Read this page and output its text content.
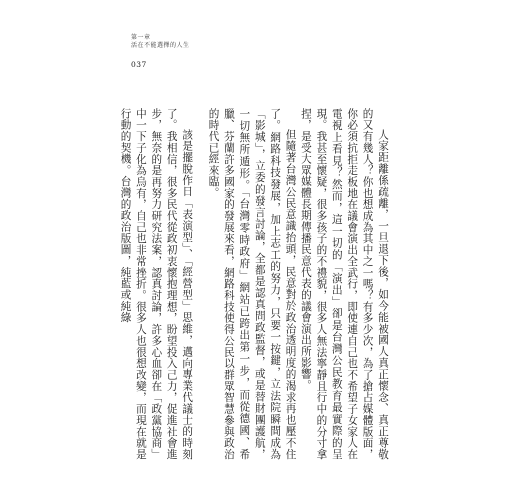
第一章
活在不能選擇的人生
037

人家距離係疏離，一旦退下後，如今能被國人真正懷念、真正尊敬的又有幾人？你也想成為其中之一嗎？有多少次，為了搶占媒體版面，你必須抗拒走板地在議會演出全武行，即使連自己也不希望子女家人在電視上看見？然而，這一切的「演出」卻是台灣公民教育最實際的呈現。我甚至懷疑，很多孩子的不禮貌，很多人無法寧靜且行中的分寸拿捏，是受大眾媒體長期傳播民意代表的議會演出所影響。

但隨著台灣公民意識抬頭，民意對於政治透明度的渴求再也壓不住了。網路科技發展，加上志工的努力，只要一按鍵，立法院瞬間成為「影城」，立委的發言討論，全都是認真問政監督，或是替財團護航，一切無所遁形。「台灣零時政府」網站已跨出第一步，而從德國、希臘、芬蘭許多國家的發展來看，網路科技使得公民以群眾智慧參與政治的時代已經來臨。

該是擺脫作日「表演型」、「經營型」思維，邁向專業代議士的時刻了。我相信，很多民代從政初衷懷抱理想，盼望投入己力，促進社會進步，無奈的是再努力研究法案，認真討論，許多心血卻在「政黨協商」中一下子化為烏有，自己也非常挫折。很多人也很想改變，而現在就是行動的契機。台灣的政治版圖，純藍或純綠
